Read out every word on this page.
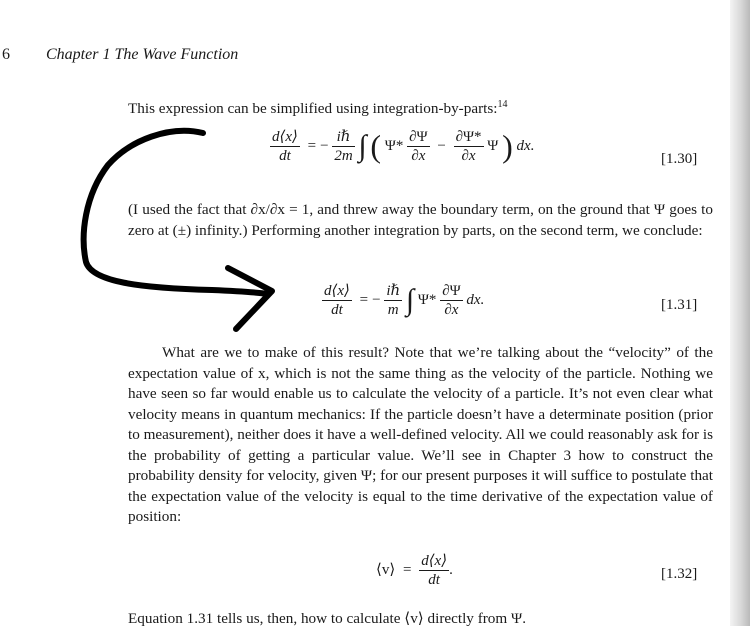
6 Chapter 1 The Wave Function
This expression can be simplified using integration-by-parts:$^{14}$
$\frac{d⟨x⟩}{dt}$ = − $\frac{\text{iℏ}}{2m}$ ∫ ( $\Psi* \frac{\partial\Psi}{\partial x} - \frac{\partial\Psi*}{\partial x}$ Ψ ) dx.
[1.30]
(I used the fact that ∂x/∂x = 1, and threw away the boundary term, on the ground that Ψ goes to zero at (±) infinity.) Performing another integration by parts, on the second term, we conclude:
$\frac{d⟨x⟩}{dt}$ = − $\frac{\text{iℏ}}{m}$ ∫ $\Psi* \frac{\partial\Psi}{\partial x}$ dx.	[1.31]
What are we to make of this result? Note that we’re talking about the “velocity” of the expectation value of x, which is not the same thing as the velocity of the particle. Nothing we have seen so far would enable us to calculate the velocity of a particle. It’s not even clear what velocity means in quantum mechanics: If the particle doesn’t have a determinate position (prior to measurement), neither does it have a well-defined velocity. All we could reasonably ask for is the probability of getting a particular value. We’ll see in Chapter 3 how to construct the probability density for velocity, given Ψ; for our present purposes it will suffice to postulate that the expectation value of the velocity is equal to the time derivative of the expectation value of position:
⟨v⟩ = $\frac{d⟨x⟩}{dt}$ .	[1.32]
Equation 1.31 tells us, then, how to calculate ⟨v⟩ directly from Ψ.
